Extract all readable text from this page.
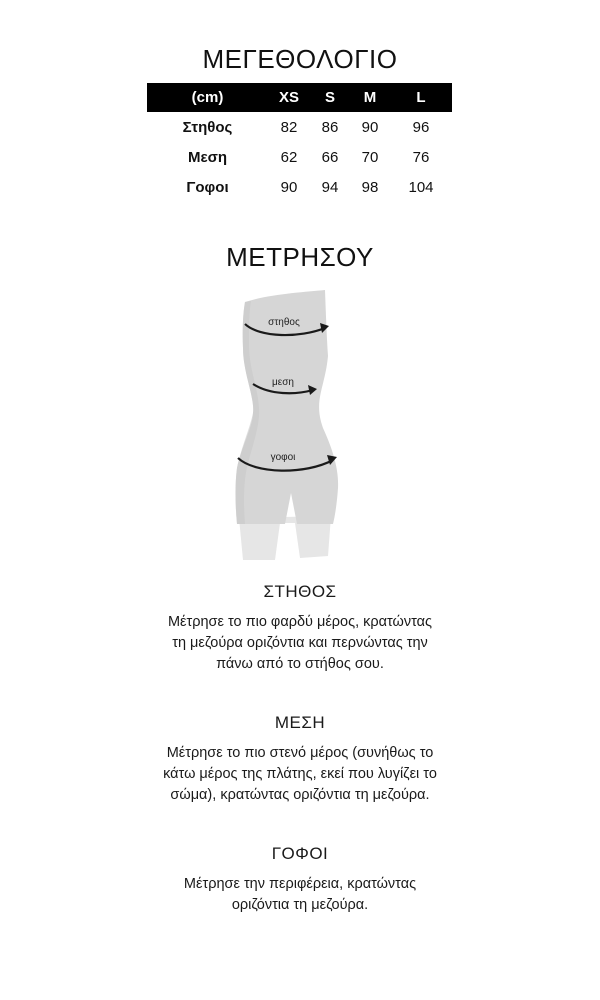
ΜΕΓΕΘΟΛΟΓΙΟ
(cm)	XS	S	M	L
Στηθος	82	86	90	96
Μεση	62	66	70	76
Γοφοι	90	94	98	104
ΜΕΤΡΗΣΟΥ
στηθος
μεση
γοφοι
ΣΤΗΘΟΣ

Μέτρησε το πιο φαρδύ μέρος, κρατώντας
τη μεζούρα οριζόντια και περνώντας την
πάνω από το στήθος σου.

ΜΕΣΗ

Μέτρησε το πιο στενό μέρος (συνήθως το
κάτω μέρος της πλάτης, εκεί που λυγίζει το
σώμα), κρατώντας οριζόντια τη μεζούρα.

ΓΟΦΟΙ

Μέτρησε την περιφέρεια, κρατώντας
οριζόντια τη μεζούρα.
